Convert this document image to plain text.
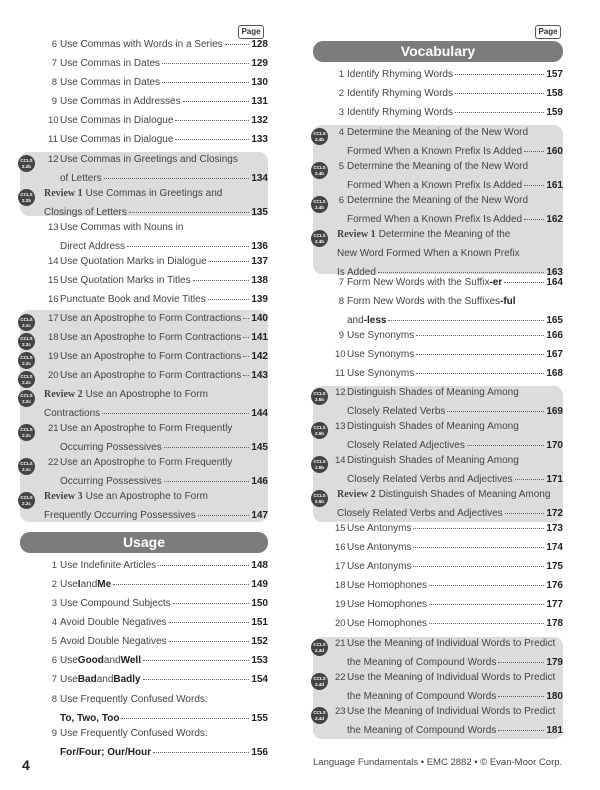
Page
6 Use Commas with Words in a Series	128
7 Use Commas in Dates	129
8 Use Commas in Dates	130
9 Use Commas in Addresses	131
10 Use Commas in Dialogue	132
11 Use Commas in Dialogue	133
CCLS
2.2b
12 Use Commas in Greetings and Closings
of Letters	134
CCLS
2.2b
Review 1 Use Commas in Greetings and
Closings of Letters	135
13 Use Commas with Nouns in
Direct Address	136
14 Use Quotation Marks in Dialogue	137
15 Use Quotation Marks in Titles	138
16 Punctuate Book and Movie Titles	139
CCLS
2.2c
17 Use an Apostrophe to Form Contractions 140
CCLS
2.2c
18 Use an Apostrophe to Form Contractions 141
CCLS
2.2c
19 Use an Apostrophe to Form Contractions 142
CCLS
2.2c
20 Use an Apostrophe to Form Contractions 143
CCLS
2.2c
Review 2 Use an Apostrophe to Form
Contractions	144
CCLS
2.2c
21 Use an Apostrophe to Form Frequently
Occurring Possessives	145
CCLS
2.2c
22 Use an Apostrophe to Form Frequently
Occurring Possessives	146
CCLS
2.2c
Review 3 Use an Apostrophe to Form
Frequently Occurring Possessives	147
Usage
1 Use Indefinite Articles	148
2 Use I and Me	149
3 Use Compound Subjects	150
4 Avoid Double Negatives	151
5 Avoid Double Negatives	152
6 Use Good and Well	153
7 Use Bad and Badly	154
8 Use Frequently Confused Words:
To, Two, Too	155
9 Use Frequently Confused Words:
For/Four; Our/Hour	156
Page
Vocabulary
1 Identify Rhyming Words	157
2 Identify Rhyming Words	158
3 Identify Rhyming Words	159
CCLS
2.4b
4 Determine the Meaning of the New Word
Formed When a Known Prefix Is Added 160
CCLS
2.4b
5 Determine the Meaning of the New Word
Formed When a Known Prefix Is Added 161
CCLS
2.4b
6 Determine the Meaning of the New Word
Formed When a Known Prefix Is Added 162
CCLS
2.4b
Review 1 Determine the Meaning of the
New Word Formed When a Known Prefix
Is Added	163
7 Form New Words with the Suffix -er	164
8 Form New Words with the Suffixes -ful
and -less	165
9 Use Synonyms	166
10 Use Synonyms	167
11 Use Synonyms	168
CCLS
2.5b
12 Distinguish Shades of Meaning Among
Closely Related Verbs	169
CCLS
2.5b
13 Distinguish Shades of Meaning Among
Closely Related Adjectives	170
CCLS
2.5b
14 Distinguish Shades of Meaning Among
Closely Related Verbs and Adjectives	171
CCLS
2.5b
Review 2 Distinguish Shades of Meaning Among
Closely Related Verbs and Adjectives	172
15 Use Antonyms	173
16 Use Antonyms	174
17 Use Antonyms	175
18 Use Homophones	176
19 Use Homophones	177
20 Use Homophones	178
CCLS
2.4d
21 Use the Meaning of Individual Words to Predict
the Meaning of Compound Words	179
CCLS
2.4d
22 Use the Meaning of Individual Words to Predict
the Meaning of Compound Words	180
CCLS
2.4d
23 Use the Meaning of Individual Words to Predict
the Meaning of Compound Words	181
4	Language Fundamentals • EMC 2882 • © Evan-Moor Corp.
